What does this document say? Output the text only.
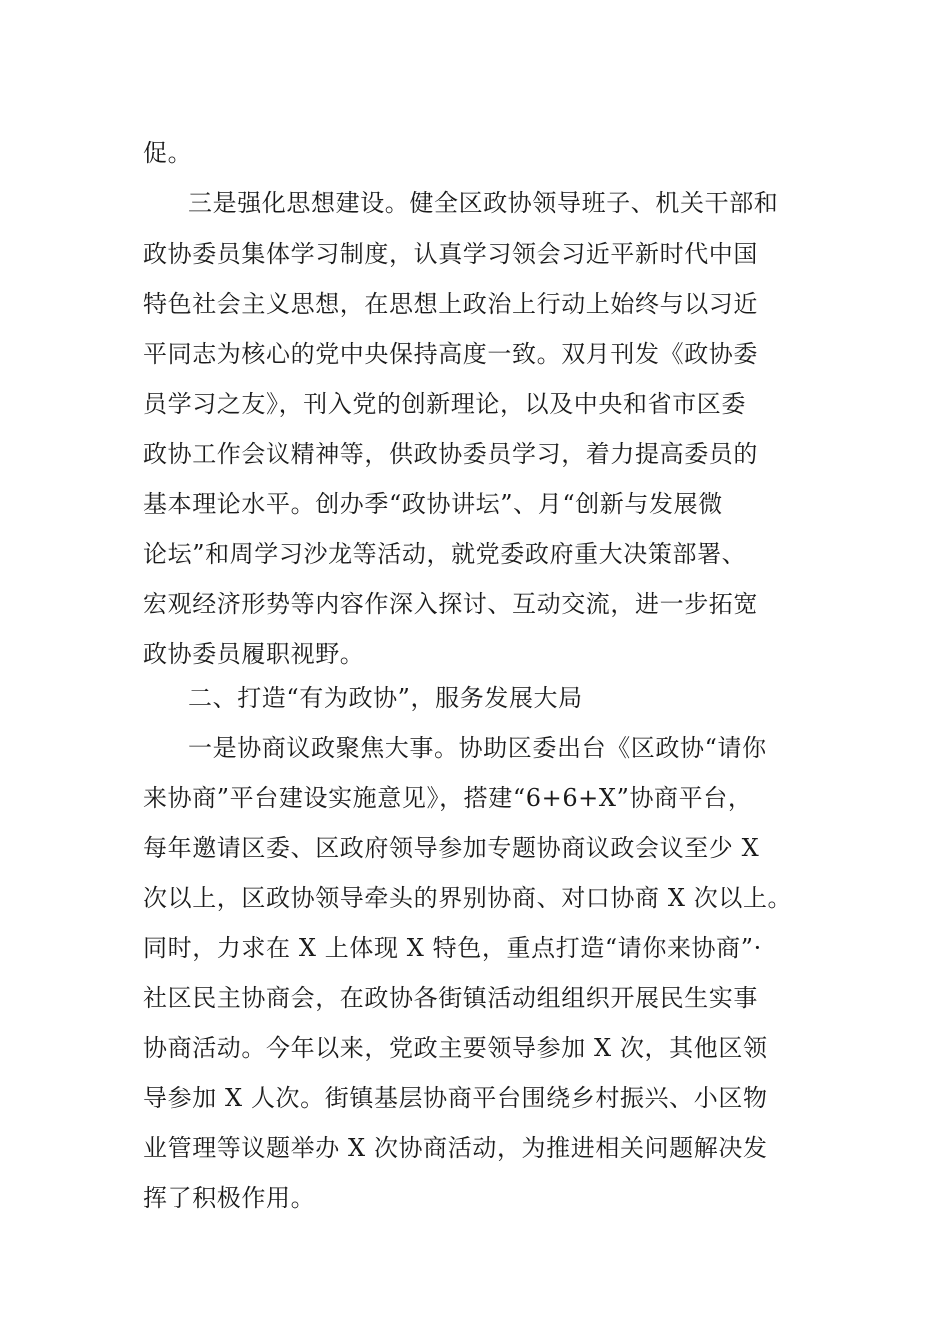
促。

三是强化思想建设。健全区政协领导班子、机关干部和

政协委员集体学习制度，认真学习领会习近平新时代中国

特色社会主义思想，在思想上政治上行动上始终与以习近

平同志为核心的党中央保持高度一致。双月刊发《政协委

员学习之友》，刊入党的创新理论，以及中央和省市区委

政协工作会议精神等，供政协委员学习，着力提高委员的

基本理论水平。创办季“政协讲坛”、月“创新与发展微

论坛”和周学习沙龙等活动，就党委政府重大决策部署、

宏观经济形势等内容作深入探讨、互动交流，进一步拓宽

政协委员履职视野。

二、打造“有为政协”，服务发展大局

一是协商议政聚焦大事。协助区委出台《区政协“请你

来协商”平台建设实施意见》，搭建“6+6+X”协商平台，

每年邀请区委、区政府领导参加专题协商议政会议至少 X

次以上，区政协领导牵头的界别协商、对口协商 X 次以上。

同时，力求在 X 上体现 X 特色，重点打造“请你来协商”·

社区民主协商会，在政协各街镇活动组组织开展民生实事

协商活动。今年以来，党政主要领导参加 X 次，其他区领

导参加 X 人次。街镇基层协商平台围绕乡村振兴、小区物

业管理等议题举办 X 次协商活动，为推进相关问题解决发

挥了积极作用。
